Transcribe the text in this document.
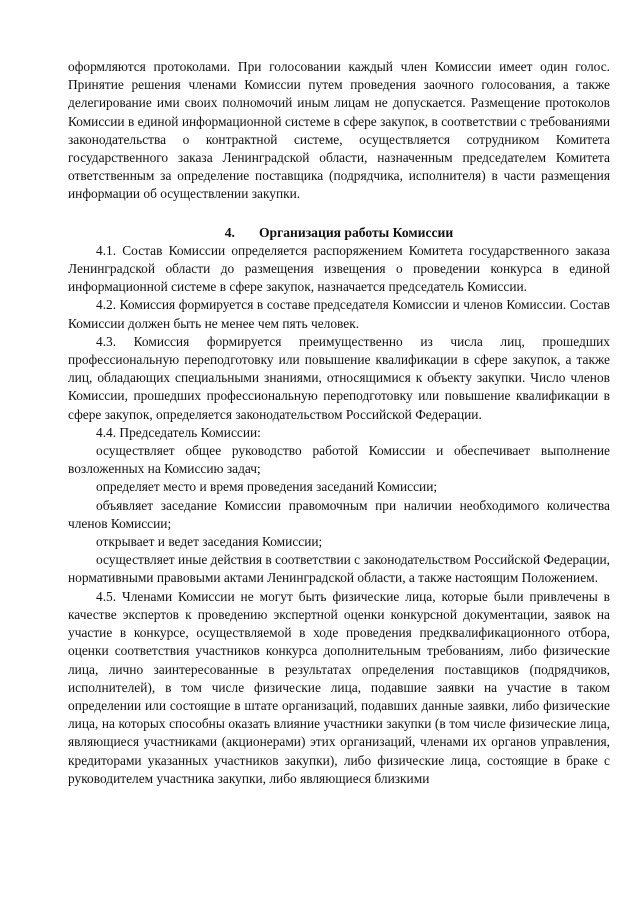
оформляются протоколами. При голосовании каждый член Комиссии имеет один голос. Принятие решения членами Комиссии путем проведения заочного голосования, а также делегирование ими своих полномочий иным лицам не допускается. Размещение протоколов Комиссии в единой информационной системе в сфере закупок, в соответствии с требованиями законодательства о контрактной системе, осуществляется сотрудником Комитета государственного заказа Ленинградской области, назначенным председателем Комитета ответственным за определение поставщика (подрядчика, исполнителя) в части размещения информации об осуществлении закупки.

4. Организация работы Комиссии

4.1. Состав Комиссии определяется распоряжением Комитета государственного заказа Ленинградской области до размещения извещения о проведении конкурса в единой информационной системе в сфере закупок, назначается председатель Комиссии.

4.2. Комиссия формируется в составе председателя Комиссии и членов Комиссии. Состав Комиссии должен быть не менее чем пять человек.

4.3. Комиссия формируется преимущественно из числа лиц, прошедших профессиональную переподготовку или повышение квалификации в сфере закупок, а также лиц, обладающих специальными знаниями, относящимися к объекту закупки. Число членов Комиссии, прошедших профессиональную переподготовку или повышение квалификации в сфере закупок, определяется законодательством Российской Федерации.

4.4. Председатель Комиссии:

осуществляет общее руководство работой Комиссии и обеспечивает выполнение возложенных на Комиссию задач;

определяет место и время проведения заседаний Комиссии;

объявляет заседание Комиссии правомочным при наличии необходимого количества членов Комиссии;

открывает и ведет заседания Комиссии;

осуществляет иные действия в соответствии с законодательством Российской Федерации, нормативными правовыми актами Ленинградской области, а также настоящим Положением.

4.5. Членами Комиссии не могут быть физические лица, которые были привлечены в качестве экспертов к проведению экспертной оценки конкурсной документации, заявок на участие в конкурсе, осуществляемой в ходе проведения предквалификационного отбора, оценки соответствия участников конкурса дополнительным требованиям, либо физические лица, лично заинтересованные в результатах определения поставщиков (подрядчиков, исполнителей), в том числе физические лица, подавшие заявки на участие в таком определении или состоящие в штате организаций, подавших данные заявки, либо физические лица, на которых способны оказать влияние участники закупки (в том числе физические лица, являющиеся участниками (акционерами) этих организаций, членами их органов управления, кредиторами указанных участников закупки), либо физические лица, состоящие в браке с руководителем участника закупки, либо являющиеся близкими
